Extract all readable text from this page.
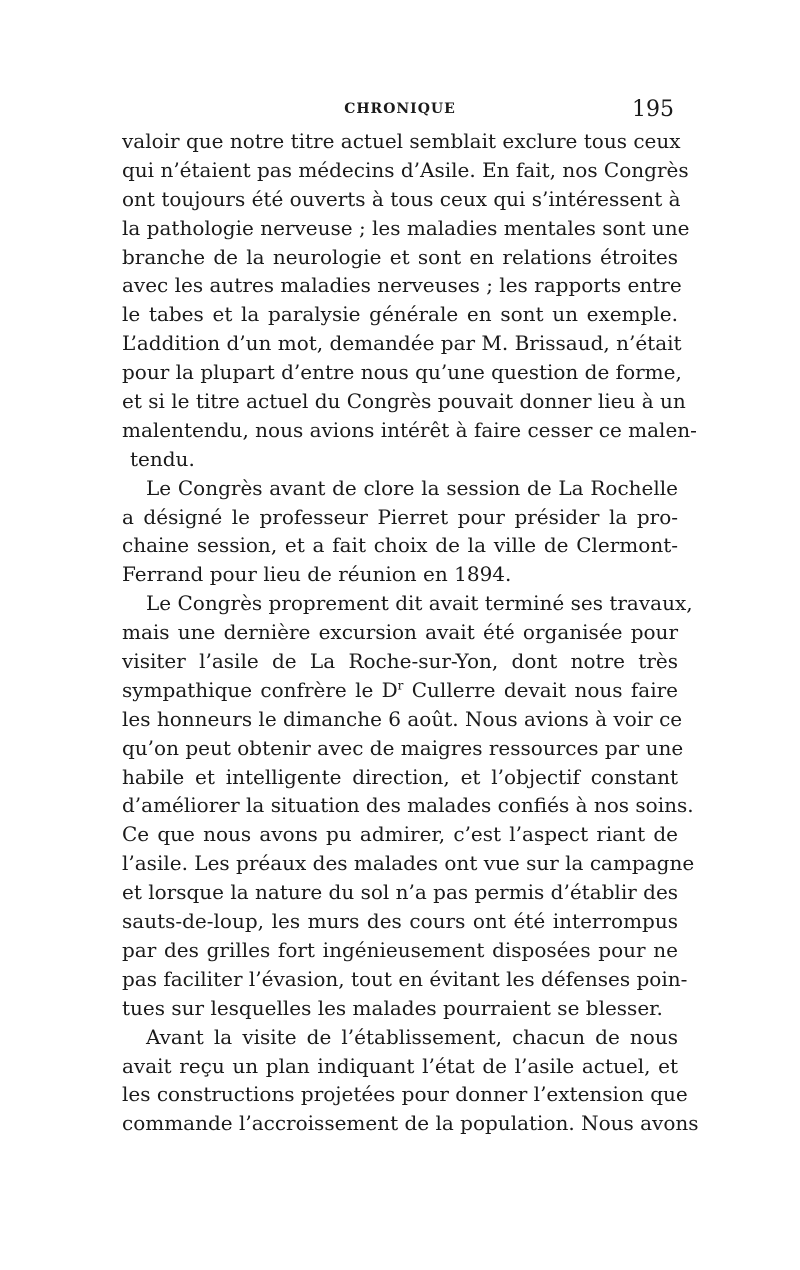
CHRONIQUE	195
valoir que notre titre actuel semblait exclure tous ceux
qui n’étaient pas médecins d’Asile. En fait, nos Congrès
ont toujours été ouverts à tous ceux qui s’intéressent à
la pathologie nerveuse ; les maladies mentales sont une
branche de la neurologie et sont en relations étroites
avec les autres maladies nerveuses ; les rapports entre
le tabes et la paralysie générale en sont un exemple.
L’addition d’un mot, demandée par M. Brissaud, n’était
pour la plupart d’entre nous qu’une question de forme,
et si le titre actuel du Congrès pouvait donner lieu à un
malentendu, nous avions intérêt à faire cesser ce malen-
tendu.
Le Congrès avant de clore la session de La Rochelle
a désigné le professeur Pierret pour présider la pro-
chaine session, et a fait choix de la ville de Clermont-
Ferrand pour lieu de réunion en 1894.
Le Congrès proprement dit avait terminé ses travaux,
mais une dernière excursion avait été organisée pour
visiter l’asile de La Roche-sur-Yon, dont notre très
sympathique confrère le $D^r$ Cullerre devait nous faire
les honneurs le dimanche 6 août. Nous avions à voir ce
qu’on peut obtenir avec de maigres ressources par une
habile et intelligente direction, et l’objectif constant
d’améliorer la situation des malades confiés à nos soins.
Ce que nous avons pu admirer, c’est l’aspect riant de
l’asile. Les préaux des malades ont vue sur la campagne
et lorsque la nature du sol n’a pas permis d’établir des
sauts-de-loup, les murs des cours ont été interrompus
par des grilles fort ingénieusement disposées pour ne
pas faciliter l’évasion, tout en évitant les défenses poin-
tues sur lesquelles les malades pourraient se blesser.
Avant la visite de l’établissement, chacun de nous
avait reçu un plan indiquant l’état de l’asile actuel, et
les constructions projetées pour donner l’extension que
commande l’accroissement de la population. Nous avons
